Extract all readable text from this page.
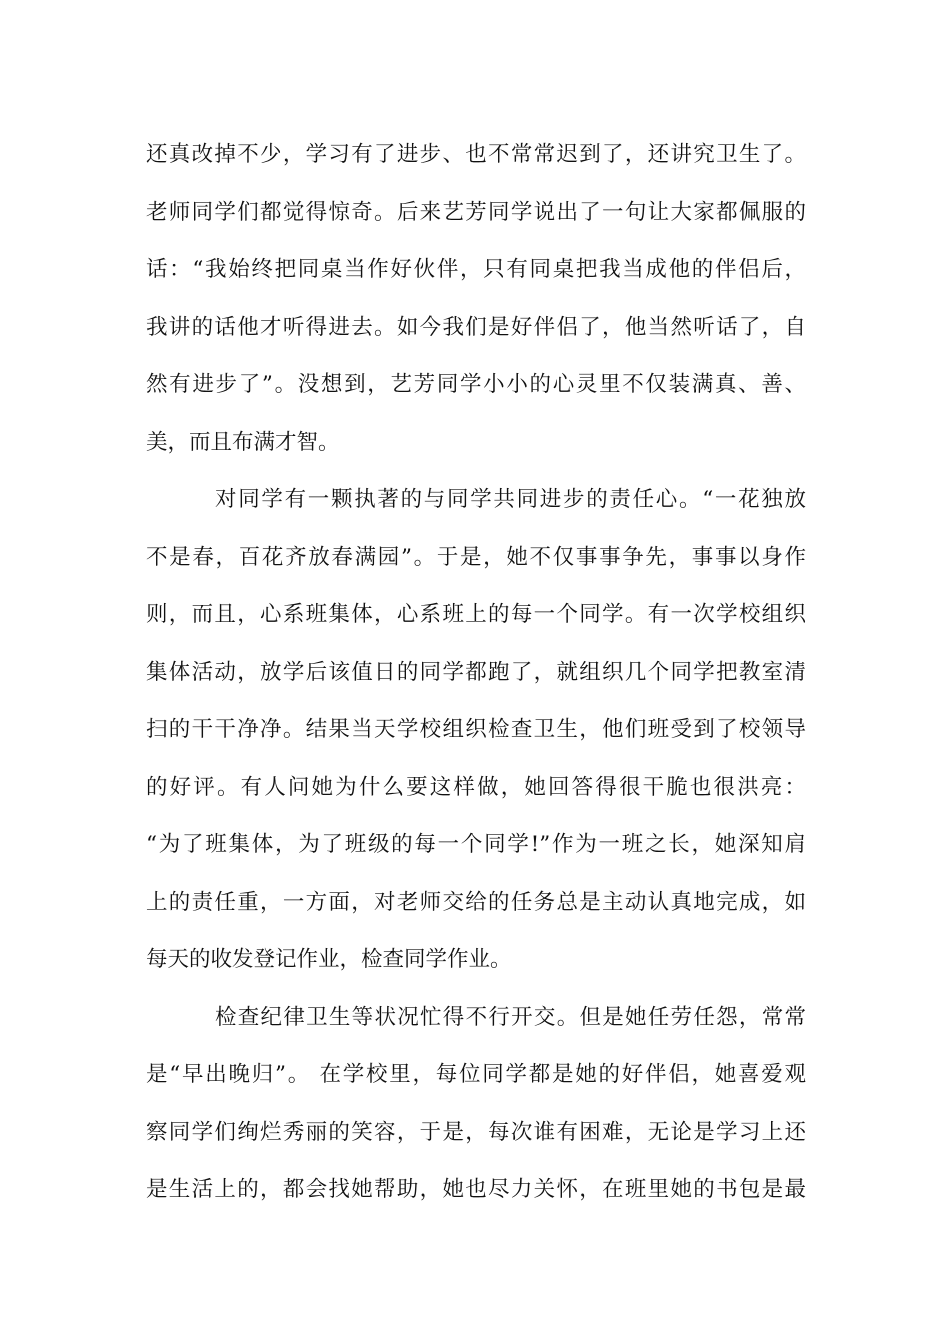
还真改掉不少，学习有了进步、也不常常迟到了，还讲究卫生了。
老师同学们都觉得惊奇。后来艺芳同学说出了一句让大家都佩服的
话：“我始终把同桌当作好伙伴，只有同桌把我当成他的伴侣后，
我讲的话他才听得进去。如今我们是好伴侣了，他当然听话了，自
然有进步了”。没想到，艺芳同学小小的心灵里不仅装满真、善、
美，而且布满才智。
对同学有一颗执著的与同学共同进步的责任心。“一花独放
不是春，百花齐放春满园”。于是，她不仅事事争先，事事以身作
则，而且，心系班集体，心系班上的每一个同学。有一次学校组织
集体活动，放学后该值日的同学都跑了，就组织几个同学把教室清
扫的干干净净。结果当天学校组织检查卫生，他们班受到了校领导
的好评。有人问她为什么要这样做，她回答得很干脆也很洪亮：
“为了班集体，为了班级的每一个同学!”作为一班之长，她深知肩
上的责任重，一方面，对老师交给的任务总是主动认真地完成，如
每天的收发登记作业，检查同学作业。
检查纪律卫生等状况忙得不行开交。但是她任劳任怨，常常
是“早出晚归”。 在学校里，每位同学都是她的好伴侣，她喜爱观
察同学们绚烂秀丽的笑容，于是，每次谁有困难，无论是学习上还
是生活上的，都会找她帮助，她也尽力关怀，在班里她的书包是最
